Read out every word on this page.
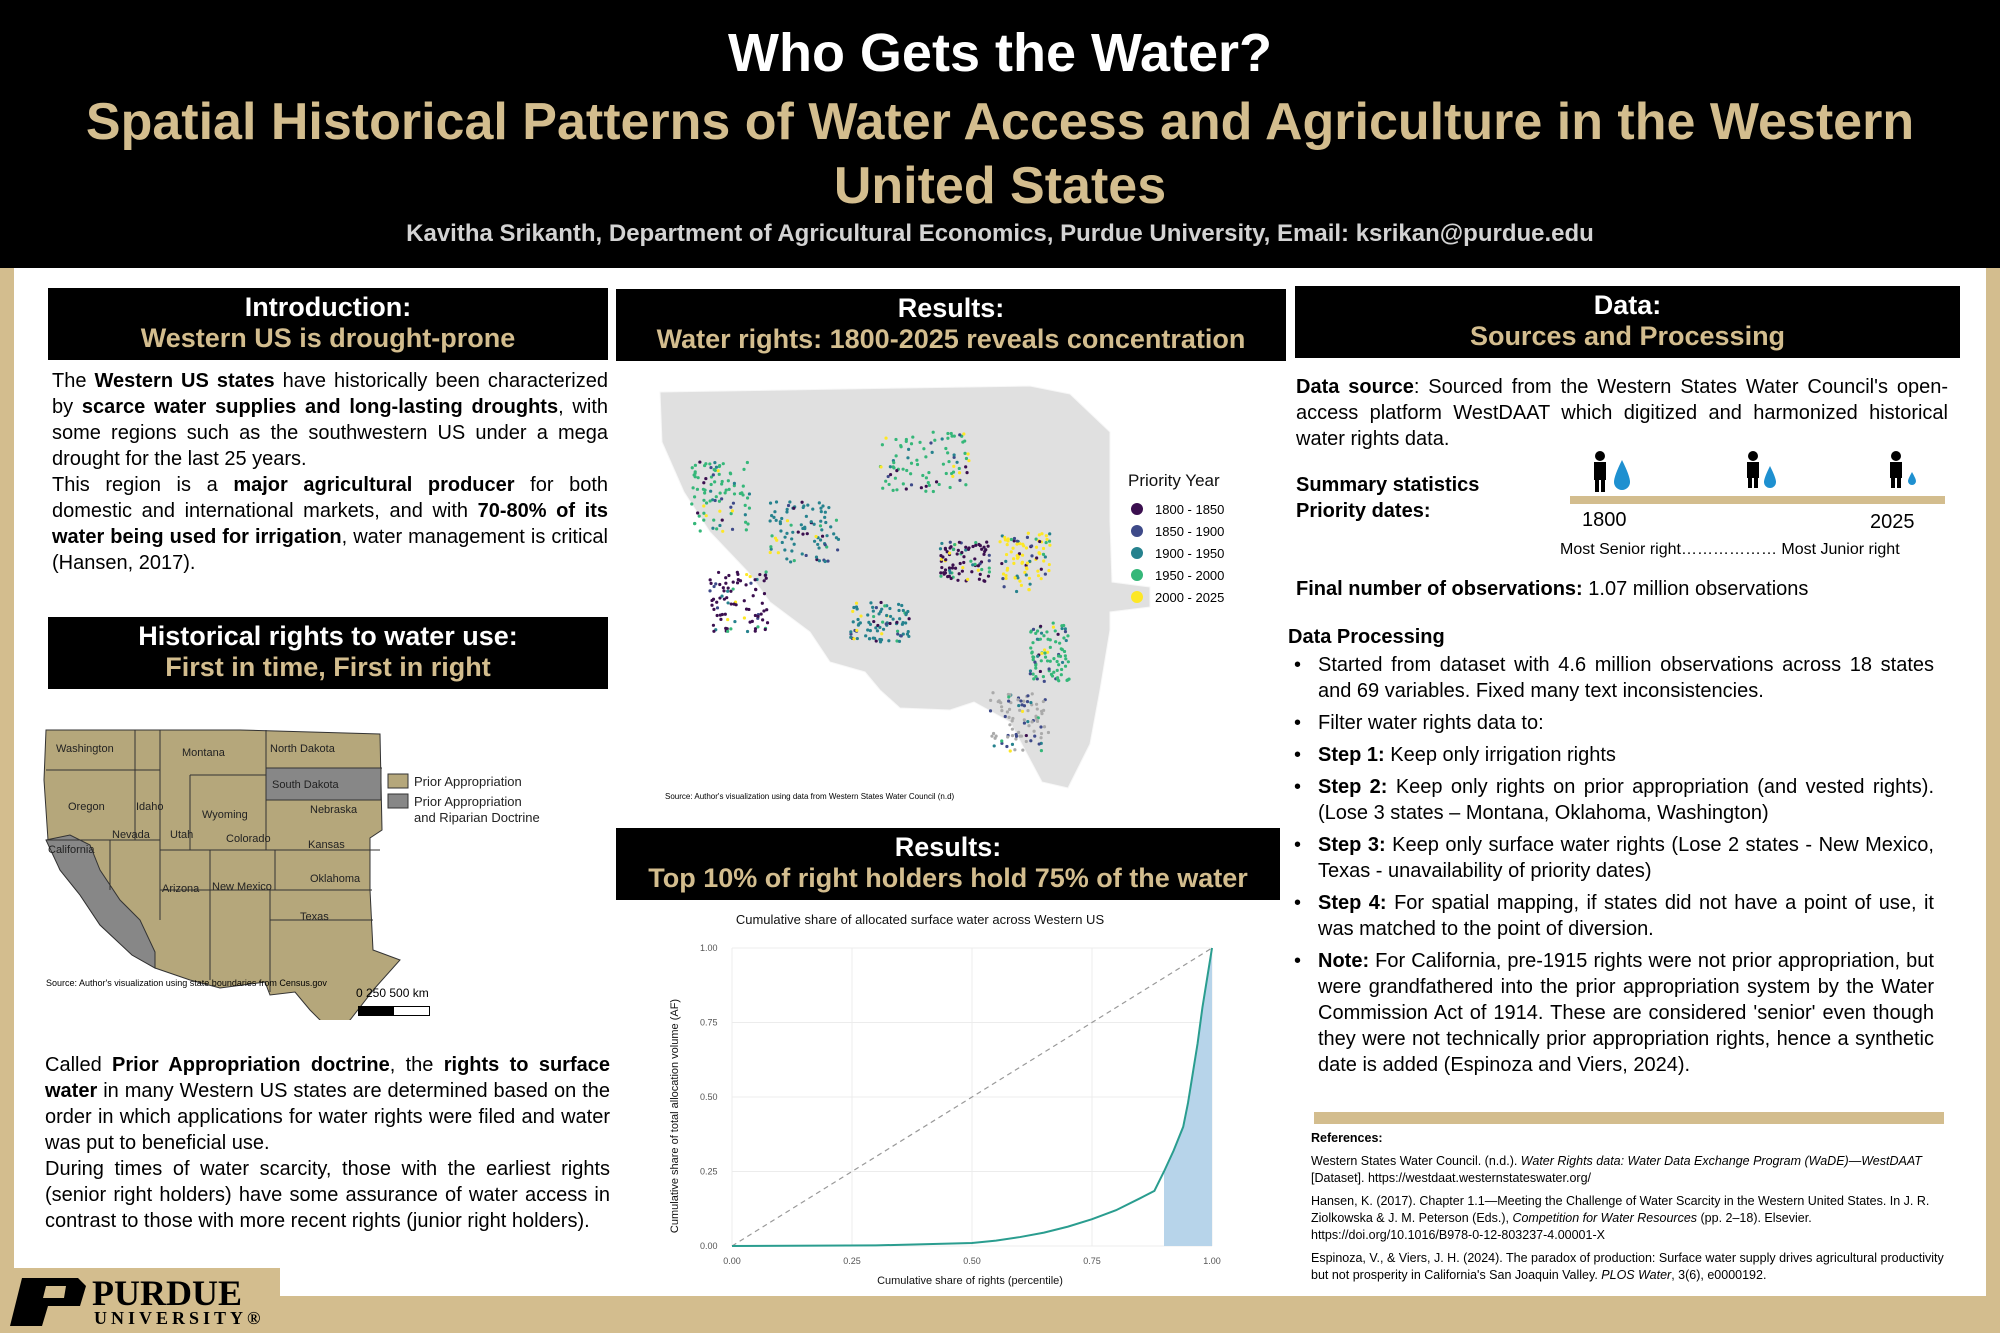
Who Gets the Water?
Spatial Historical Patterns of Water Access and Agriculture in the Western United States
Kavitha Srikanth, Department of Agricultural Economics, Purdue University, Email: ksrikan@purdue.edu
Introduction:
Western US is drought-prone
The Western US states have historically been characterized by scarce water supplies and long-lasting droughts, with some regions such as the southwestern US under a mega drought for the last 25 years.
This region is a major agricultural producer for both domestic and international markets, and with 70-80% of its water being used for irrigation, water management is critical (Hansen, 2017).
Historical rights to water use:
First in time, First in right
Washington
Oregon	Idaho
Montana	North Dakota
South Dakota
Wyoming	Nebraska
California
Nevada Utah	Colorado	Kansas
Arizona New Mexico
Oklahoma
Texas
Prior Appropriation
Prior Appropriation
and Riparian Doctrine
Source: Author's visualization using state boundaries from Census.gov
0 250 500 km
Called Prior Appropriation doctrine, the rights to surface water in many Western US states are determined based on the order in which applications for water rights were filed and water was put to beneficial use.
During times of water scarcity, those with the earliest rights (senior right holders) have some assurance of water access in contrast to those with more recent rights (junior right holders).
PURDUE
UNIVERSITY®
Results:
Water rights: 1800-2025 reveals concentration
Priority Year
1800 - 1850
1850 - 1900
1900 - 1950
1950 - 2000
2000 - 2025
Source: Author's visualization using data from Western States Water Council (n.d)
Results:
Top 10% of right holders hold 75% of the water
Cumulative share of allocated surface water across Western US
0.00	0.25	0.50	0.75	1.00
0.00
0.25
0.50
0.75
1.00
Cumulative share of rights (percentile)
Cumulative share of total allocation volume (AF)
Data:
Sources and Processing
Data source: Sourced from the Western States Water Council's open-access platform WestDAAT which digitized and harmonized historical water rights data.
Summary statistics
Priority dates:	1800	2025
Most Senior right……………… Most Junior right
Final number of observations: 1.07 million observations
Data Processing
• Started from dataset with 4.6 million observations across 18 states and 69 variables. Fixed many text inconsistencies.
• Filter water rights data to:
• Step 1: Keep only irrigation rights
• Step 2: Keep only rights on prior appropriation (and vested rights). (Lose 3 states – Montana, Oklahoma, Washington)
• Step 3: Keep only surface water rights (Lose 2 states - New Mexico, Texas - unavailability of priority dates)
• Step 4: For spatial mapping, if states did not have a point of use, it was matched to the point of diversion.
• Note: For California, pre-1915 rights were not prior appropriation, but were grandfathered into the prior appropriation system by the Water Commission Act of 1914. These are considered 'senior' even though they were not technically prior appropriation rights, hence a synthetic date is added (Espinoza and Viers, 2024).

References:

Western States Water Council. (n.d.). Water Rights data: Water Data Exchange Program (WaDE)—WestDAAT [Dataset]. https://westdaat.westernstateswater.org/

Hansen, K. (2017). Chapter 1.1—Meeting the Challenge of Water Scarcity in the Western United States. In J. R. Ziolkowska & J. M. Peterson (Eds.), Competition for Water Resources (pp. 2–18). Elsevier. https://doi.org/10.1016/B978-0-12-803237-4.00001-X

Espinoza, V., & Viers, J. H. (2024). The paradox of production: Surface water supply drives agricultural productivity but not prosperity in California's San Joaquin Valley. PLOS Water, 3(6), e0000192.
